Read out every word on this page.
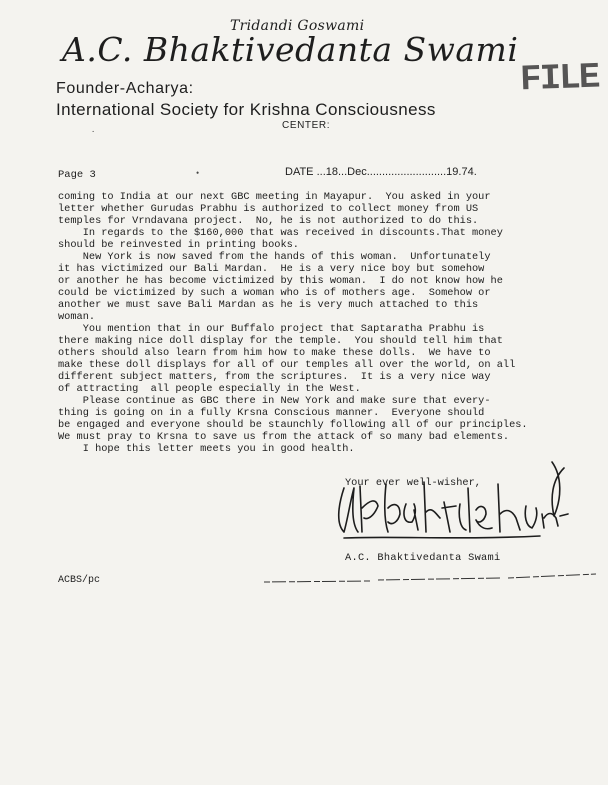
Tridandi Goswami
A.C. Bhaktivedanta Swami
Founder-Acharya:
International Society for Krishna Consciousness
CENTER:
.
FILE
Page 3	•	DATE ...18...Dec..........................19.74.
coming to India at our next GBC meeting in Mayapur.  You asked in your
letter whether Gurudas Prabhu is authorized to collect money from US
temples for Vrndavana project.  No, he is not authorized to do this.
In regards to the $160,000 that was received in discounts.That money
should be reinvested in printing books.
New York is now saved from the hands of this woman.  Unfortunately
it has victimized our Bali Mardan.  He is a very nice boy but somehow
or another he has become victimized by this woman.  I do not know how he
could be victimized by such a woman who is of mothers age.  Somehow or
another we must save Bali Mardan as he is very much attached to this
woman.
You mention that in our Buffalo project that Saptaratha Prabhu is
there making nice doll display for the temple.  You should tell him that
others should also learn from him how to make these dolls.  We have to
make these doll displays for all of our temples all over the world, on all
different subject matters, from the scriptures.  It is a very nice way
of attracting  all people especially in the West.
Please continue as GBC there in New York and make sure that every-
thing is going on in a fully Krsna Conscious manner.  Everyone should
be engaged and everyone should be staunchly following all of our principles.
We must pray to Krsna to save us from the attack of so many bad elements.
I hope this letter meets you in good health.
Your ever well-wisher,
A.C. Bhaktivedanta Swami
ACBS/pc
